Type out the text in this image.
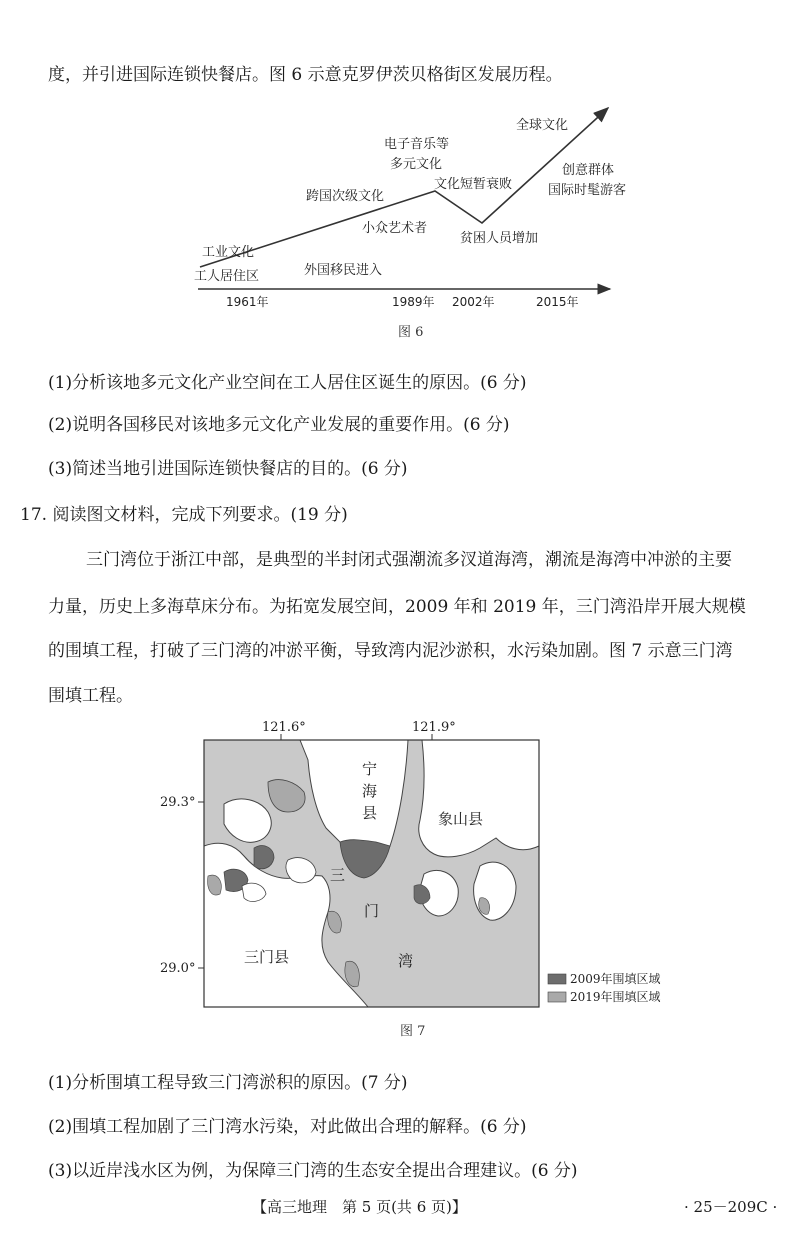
度，并引进国际连锁快餐店。图 6 示意克罗伊茨贝格街区发展历程。
工业文化
工人居住区	外国移民进入
跨国次级文化
小众艺术者
电子音乐等
多元文化
文化短暂衰败
贫困人员增加
全球文化
创意群体
国际时髦游客
1961年	1989年 2002年	2015年
图 6
(1)分析该地多元文化产业空间在工人居住区诞生的原因。(6 分)
(2)说明各国移民对该地多元文化产业发展的重要作用。(6 分)
(3)简述当地引进国际连锁快餐店的目的。(6 分)
17. 阅读图文材料，完成下列要求。(19 分)
三门湾位于浙江中部，是典型的半封闭式强潮流多汊道海湾，潮流是海湾中冲淤的主要
力量，历史上多海草床分布。为拓宽发展空间，2009 年和 2019 年，三门湾沿岸开展大规模
的围填工程，打破了三门湾的冲淤平衡，导致湾内泥沙淤积，水污染加剧。图 7 示意三门湾
围填工程。
121.6°	121.9°
29.3°
29.0°
宁
海
县	象山县
三门县
三
门
湾
2009年围填区域
2019年围填区域
图 7
(1)分析围填工程导致三门湾淤积的原因。(7 分)
(2)围填工程加剧了三门湾水污染，对此做出合理的解释。(6 分)
(3)以近岸浅水区为例，为保障三门湾的生态安全提出合理建议。(6 分)
【高三地理　第 5 页(共 6 页)】	· 25－209C ·
